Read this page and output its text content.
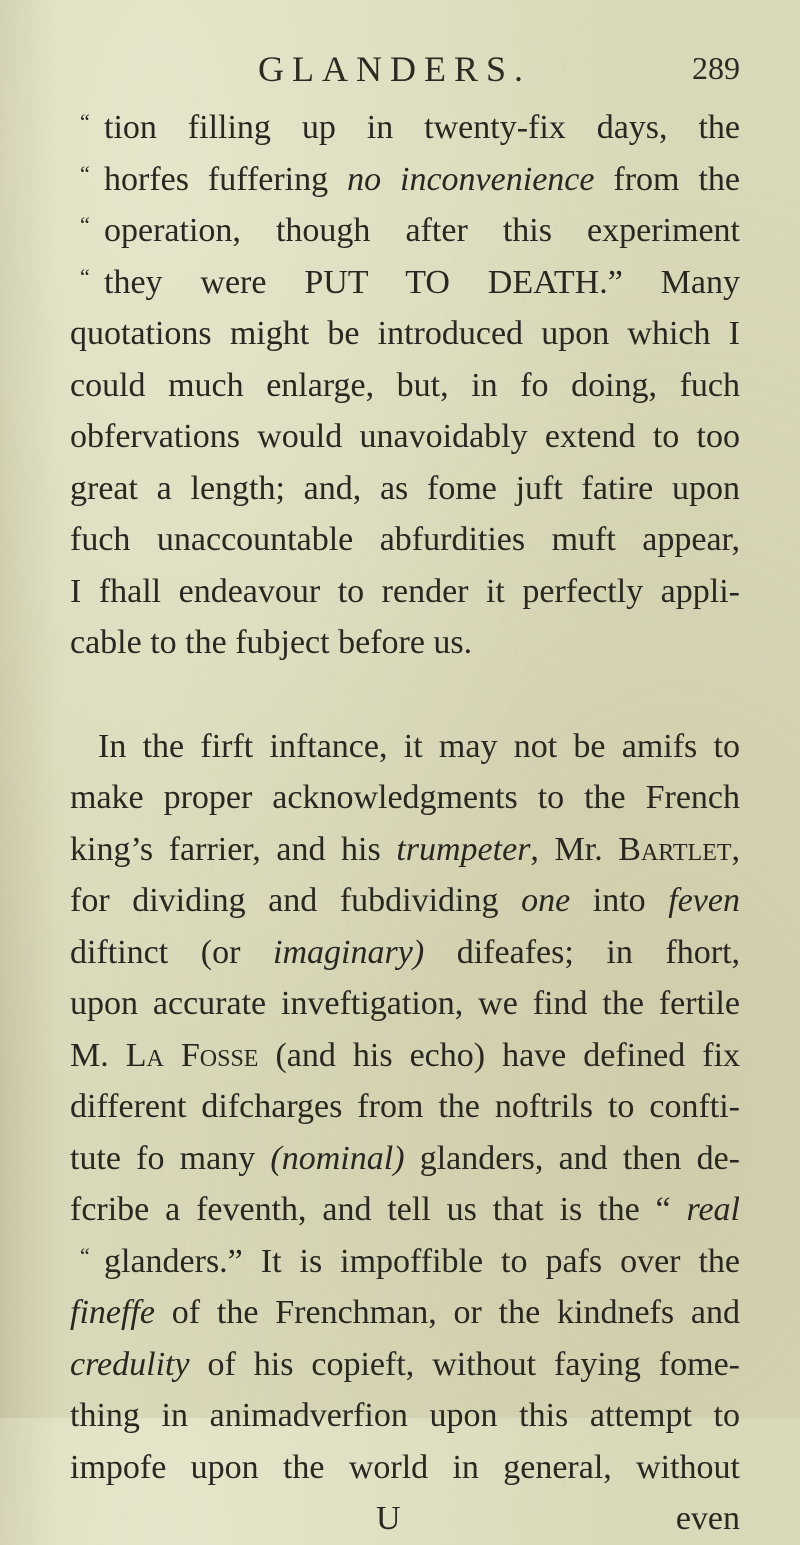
GLANDERS.	289
“ tion filling up in twenty-fix days, the
“ horfes fuffering no inconvenience from the
“ operation, though after this experiment
“ they were PUT TO DEATH.” Many
quotations might be introduced upon which I
could much enlarge, but, in fo doing, fuch
obfervations would unavoidably extend to too
great a length; and, as fome juft fatire upon
fuch unaccountable abfurdities muft appear,
I fhall endeavour to render it perfectly appli-
cable to the fubject before us.
In the firft inftance, it may not be amifs to
make proper acknowledgments to the French
king’s farrier, and his trumpeter, Mr. Bartlet,
for dividing and fubdividing one into feven
diftinct (or imaginary) difeafes; in fhort,
upon accurate inveftigation, we find the fertile
M. La Fosse (and his echo) have defined fix
different difcharges from the noftrils to confti-
tute fo many (nominal) glanders, and then de-
fcribe a feventh, and tell us that is the “ real
“ glanders.” It is impoffible to pafs over the
fineffe of the Frenchman, or the kindnefs and
credulity of his copieft, without faying fome-
thing in animadverfion upon this attempt to
impofe upon the world in general, without
U	even
